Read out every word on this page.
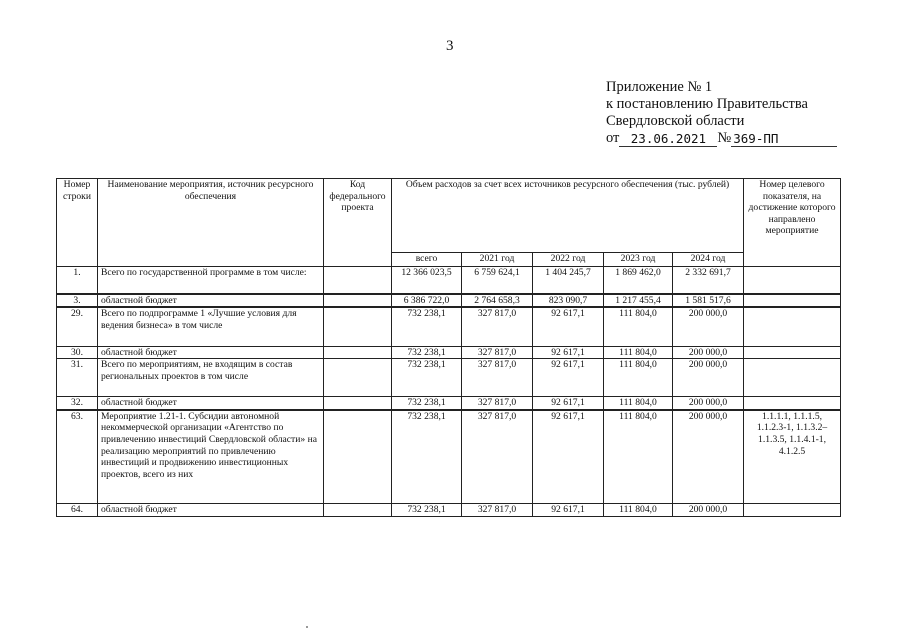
3
Приложение № 1
к постановлению Правительства
Свердловской области
от 23.06.2021 № 369-ПП
Номер строки	Наименование мероприятия, источник ресурсного обеспечения	Код федерального проекта	Объем расходов за счет всех источников ресурсного обеспечения (тыс. рублей)					Номер целевого показателя, на достижение которого направлено мероприятие
			всего	2021 год	2022 год	2023 год	2024 год	
1.	Всего по государственной программе в том числе:		12 366 023,5	6 759 624,1	1 404 245,7	1 869 462,0	2 332 691,7	
3.	областной бюджет		6 386 722,0	2 764 658,3	823 090,7	1 217 455,4	1 581 517,6	
29.	Всего по подпрограмме 1 «Лучшие условия для ведения бизнеса» в том числе		732 238,1	327 817,0	92 617,1	111 804,0	200 000,0	
30.	областной бюджет		732 238,1	327 817,0	92 617,1	111 804,0	200 000,0	
31.	Всего по мероприятиям, не входящим в состав региональных проектов в том числе		732 238,1	327 817,0	92 617,1	111 804,0	200 000,0	
32.	областной бюджет		732 238,1	327 817,0	92 617,1	111 804,0	200 000,0	
63.	Мероприятие 1.21-1. Субсидии автономной некоммерческой организации «Агентство по привлечению инвестиций Свердловской области» на реализацию мероприятий по привлечению инвестиций и продвижению инвестиционных проектов, всего из них		732 238,1	327 817,0	92 617,1	111 804,0	200 000,0	1.1.1.1, 1.1.1.5, 1.1.2.3-1, 1.1.3.2–1.1.3.5, 1.1.4.1-1, 4.1.2.5
64.	областной бюджет		732 238,1	327 817,0	92 617,1	111 804,0	200 000,0	
